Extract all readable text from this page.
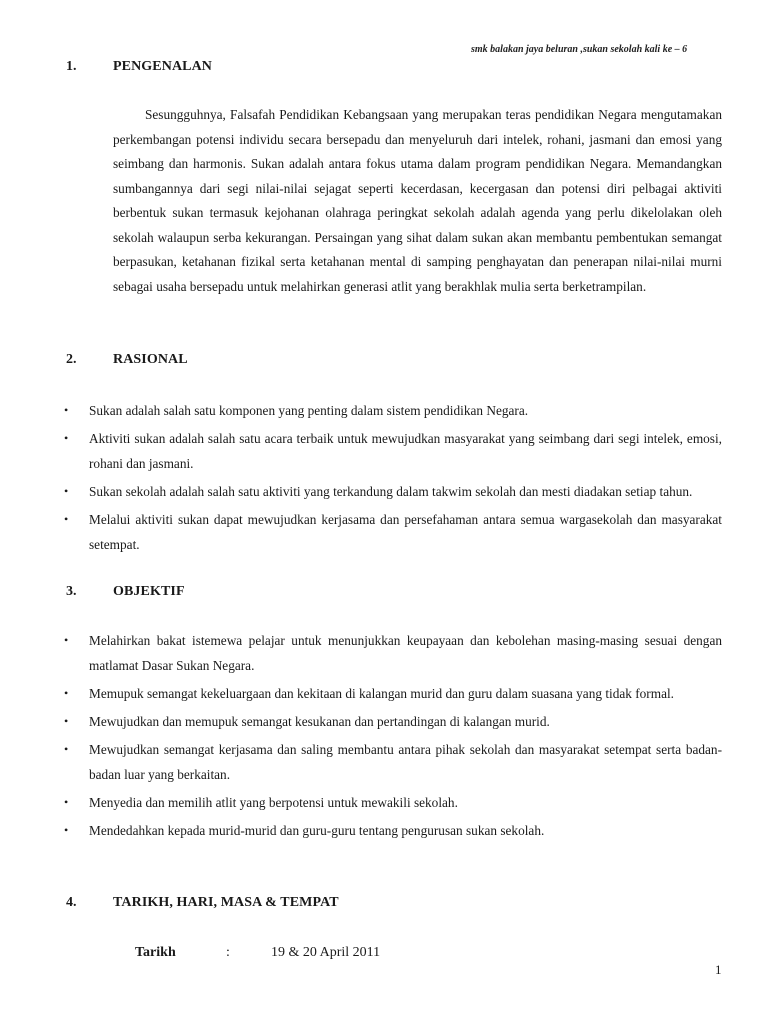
smk balakan jaya beluran ,sukan sekolah kali ke – 6
1.	PENGENALAN

Sesungguhnya, Falsafah Pendidikan Kebangsaan yang merupakan teras pendidikan Negara mengutamakan perkembangan potensi individu secara bersepadu dan menyeluruh dari intelek, rohani, jasmani dan emosi yang seimbang dan harmonis. Sukan adalah antara fokus utama dalam program pendidikan Negara. Memandangkan sumbangannya dari segi nilai-nilai sejagat seperti kecerdasan, kecergasan dan potensi diri pelbagai aktiviti berbentuk sukan termasuk kejohanan olahraga peringkat sekolah adalah agenda yang perlu dikelolakan oleh sekolah walaupun serba kekurangan. Persaingan yang sihat dalam sukan akan membantu pembentukan semangat berpasukan, ketahanan fizikal serta ketahanan mental di samping penghayatan dan penerapan nilai-nilai murni sebagai usaha bersepadu untuk melahirkan generasi atlit yang berakhlak mulia serta berketrampilan.

2.	RASIONAL
• Sukan adalah salah satu komponen yang penting dalam sistem pendidikan Negara.
• Aktiviti sukan adalah salah satu acara terbaik untuk mewujudkan masyarakat yang seimbang dari segi intelek, emosi, rohani dan jasmani.
• Sukan sekolah adalah salah satu aktiviti yang terkandung dalam takwim sekolah dan mesti diadakan setiap tahun.
• Melalui aktiviti sukan dapat mewujudkan kerjasama dan persefahaman antara semua wargasekolah dan masyarakat setempat.
3.	OBJEKTIF
• Melahirkan bakat istemewa pelajar untuk menunjukkan keupayaan dan kebolehan masing-masing sesuai dengan matlamat Dasar Sukan Negara.
• Memupuk semangat kekeluargaan dan kekitaan di kalangan murid dan guru dalam suasana yang tidak formal.
• Mewujudkan dan memupuk semangat kesukanan dan pertandingan di kalangan murid.
• Mewujudkan semangat kerjasama dan saling membantu antara pihak sekolah dan masyarakat setempat serta badan-badan luar yang berkaitan.
• Menyedia dan memilih atlit yang berpotensi untuk mewakili sekolah.
• Mendedahkan kepada murid-murid dan guru-guru tentang pengurusan sukan sekolah.
4.	TARIKH, HARI, MASA & TEMPAT
Tarikh	:	19 & 20 April 2011
1
